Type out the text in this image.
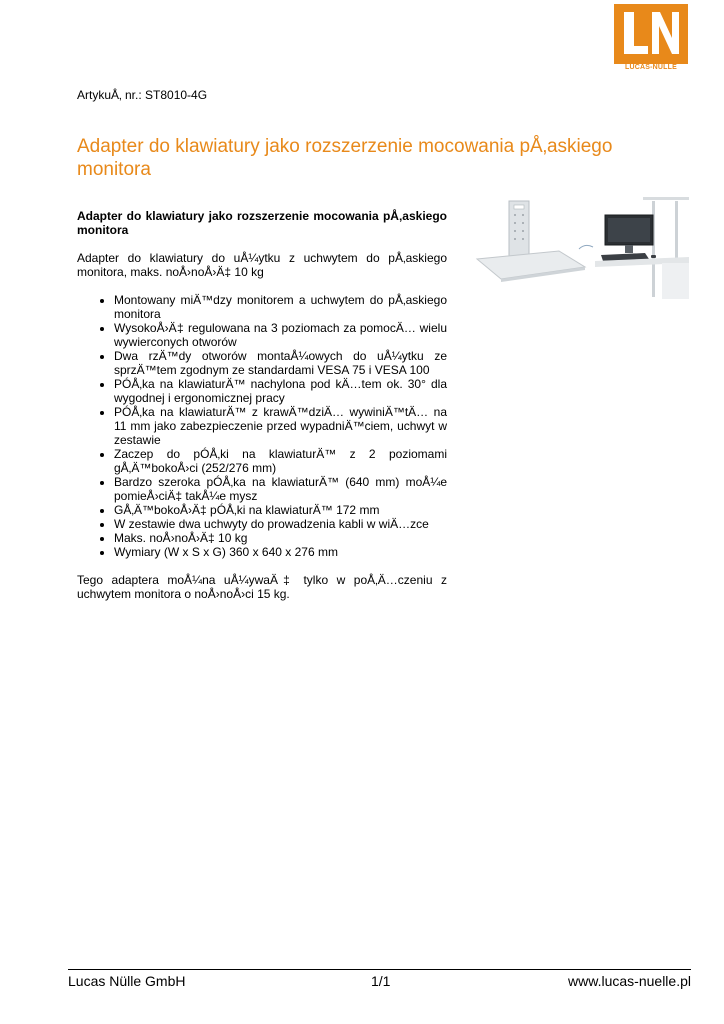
LUCAS-NÜLLE
ArtykuÅ‚ nr.: ST8010-4G
Adapter do klawiatury jako rozszerzenie mocowania pÅ‚askiego monitora

Adapter do klawiatury jako rozszerzenie mocowania pÅ‚askiego monitora

Adapter do klawiatury do uÅ¼ytku z uchwytem do pÅ‚askiego monitora, maks. noÅ›noÅ›Ä‡ 10 kg

• Montowany miÄ™dzy monitorem a uchwytem do pÅ‚askiego monitora
• WysokoÅ›Ä‡ regulowana na 3 poziomach za pomocÄ… wielu wywierconych otworów
• Dwa rzÄ™dy otworów montaÅ¼owych do uÅ¼ytku ze sprzÄ™tem zgodnym ze standardami VESA 75 i VESA 100
• PÓÅ‚ka na klawiaturÄ™ nachylona pod kÄ…tem ok. 30° dla wygodnej i ergonomicznej pracy
• PÓÅ‚ka na klawiaturÄ™ z krawÄ™dziÄ… wywiniÄ™tÄ… na 11 mm jako zabezpieczenie przed wypadniÄ™ciem, uchwyt w zestawie
• Zaczep do pÓÅ‚ki na klawiaturÄ™ z 2 poziomami gÅ‚Ä™bokoÅ›ci (252/276 mm)
• Bardzo szeroka pÓÅ‚ka na klawiaturÄ™ (640 mm) moÅ¼e pomieÅ›ciÄ‡ takÅ¼e mysz
• GÅ‚Ä™bokoÅ›Ä‡ pÓÅ‚ki na klawiaturÄ™ 172 mm
• W zestawie dwa uchwyty do prowadzenia kabli w wiÄ…zce
• Maks. noÅ›noÅ›Ä‡ 10 kg
• Wymiary (W x S x G) 360 x 640 x 276 mm

Tego adaptera moÅ¼na uÅ¼ywaÄ‡ tylko w poÅ‚Ä…czeniu z uchwytem monitora o noÅ›noÅ›ci 15 kg.

Lucas Nülle GmbH	1/1	www.lucas-nuelle.pl
